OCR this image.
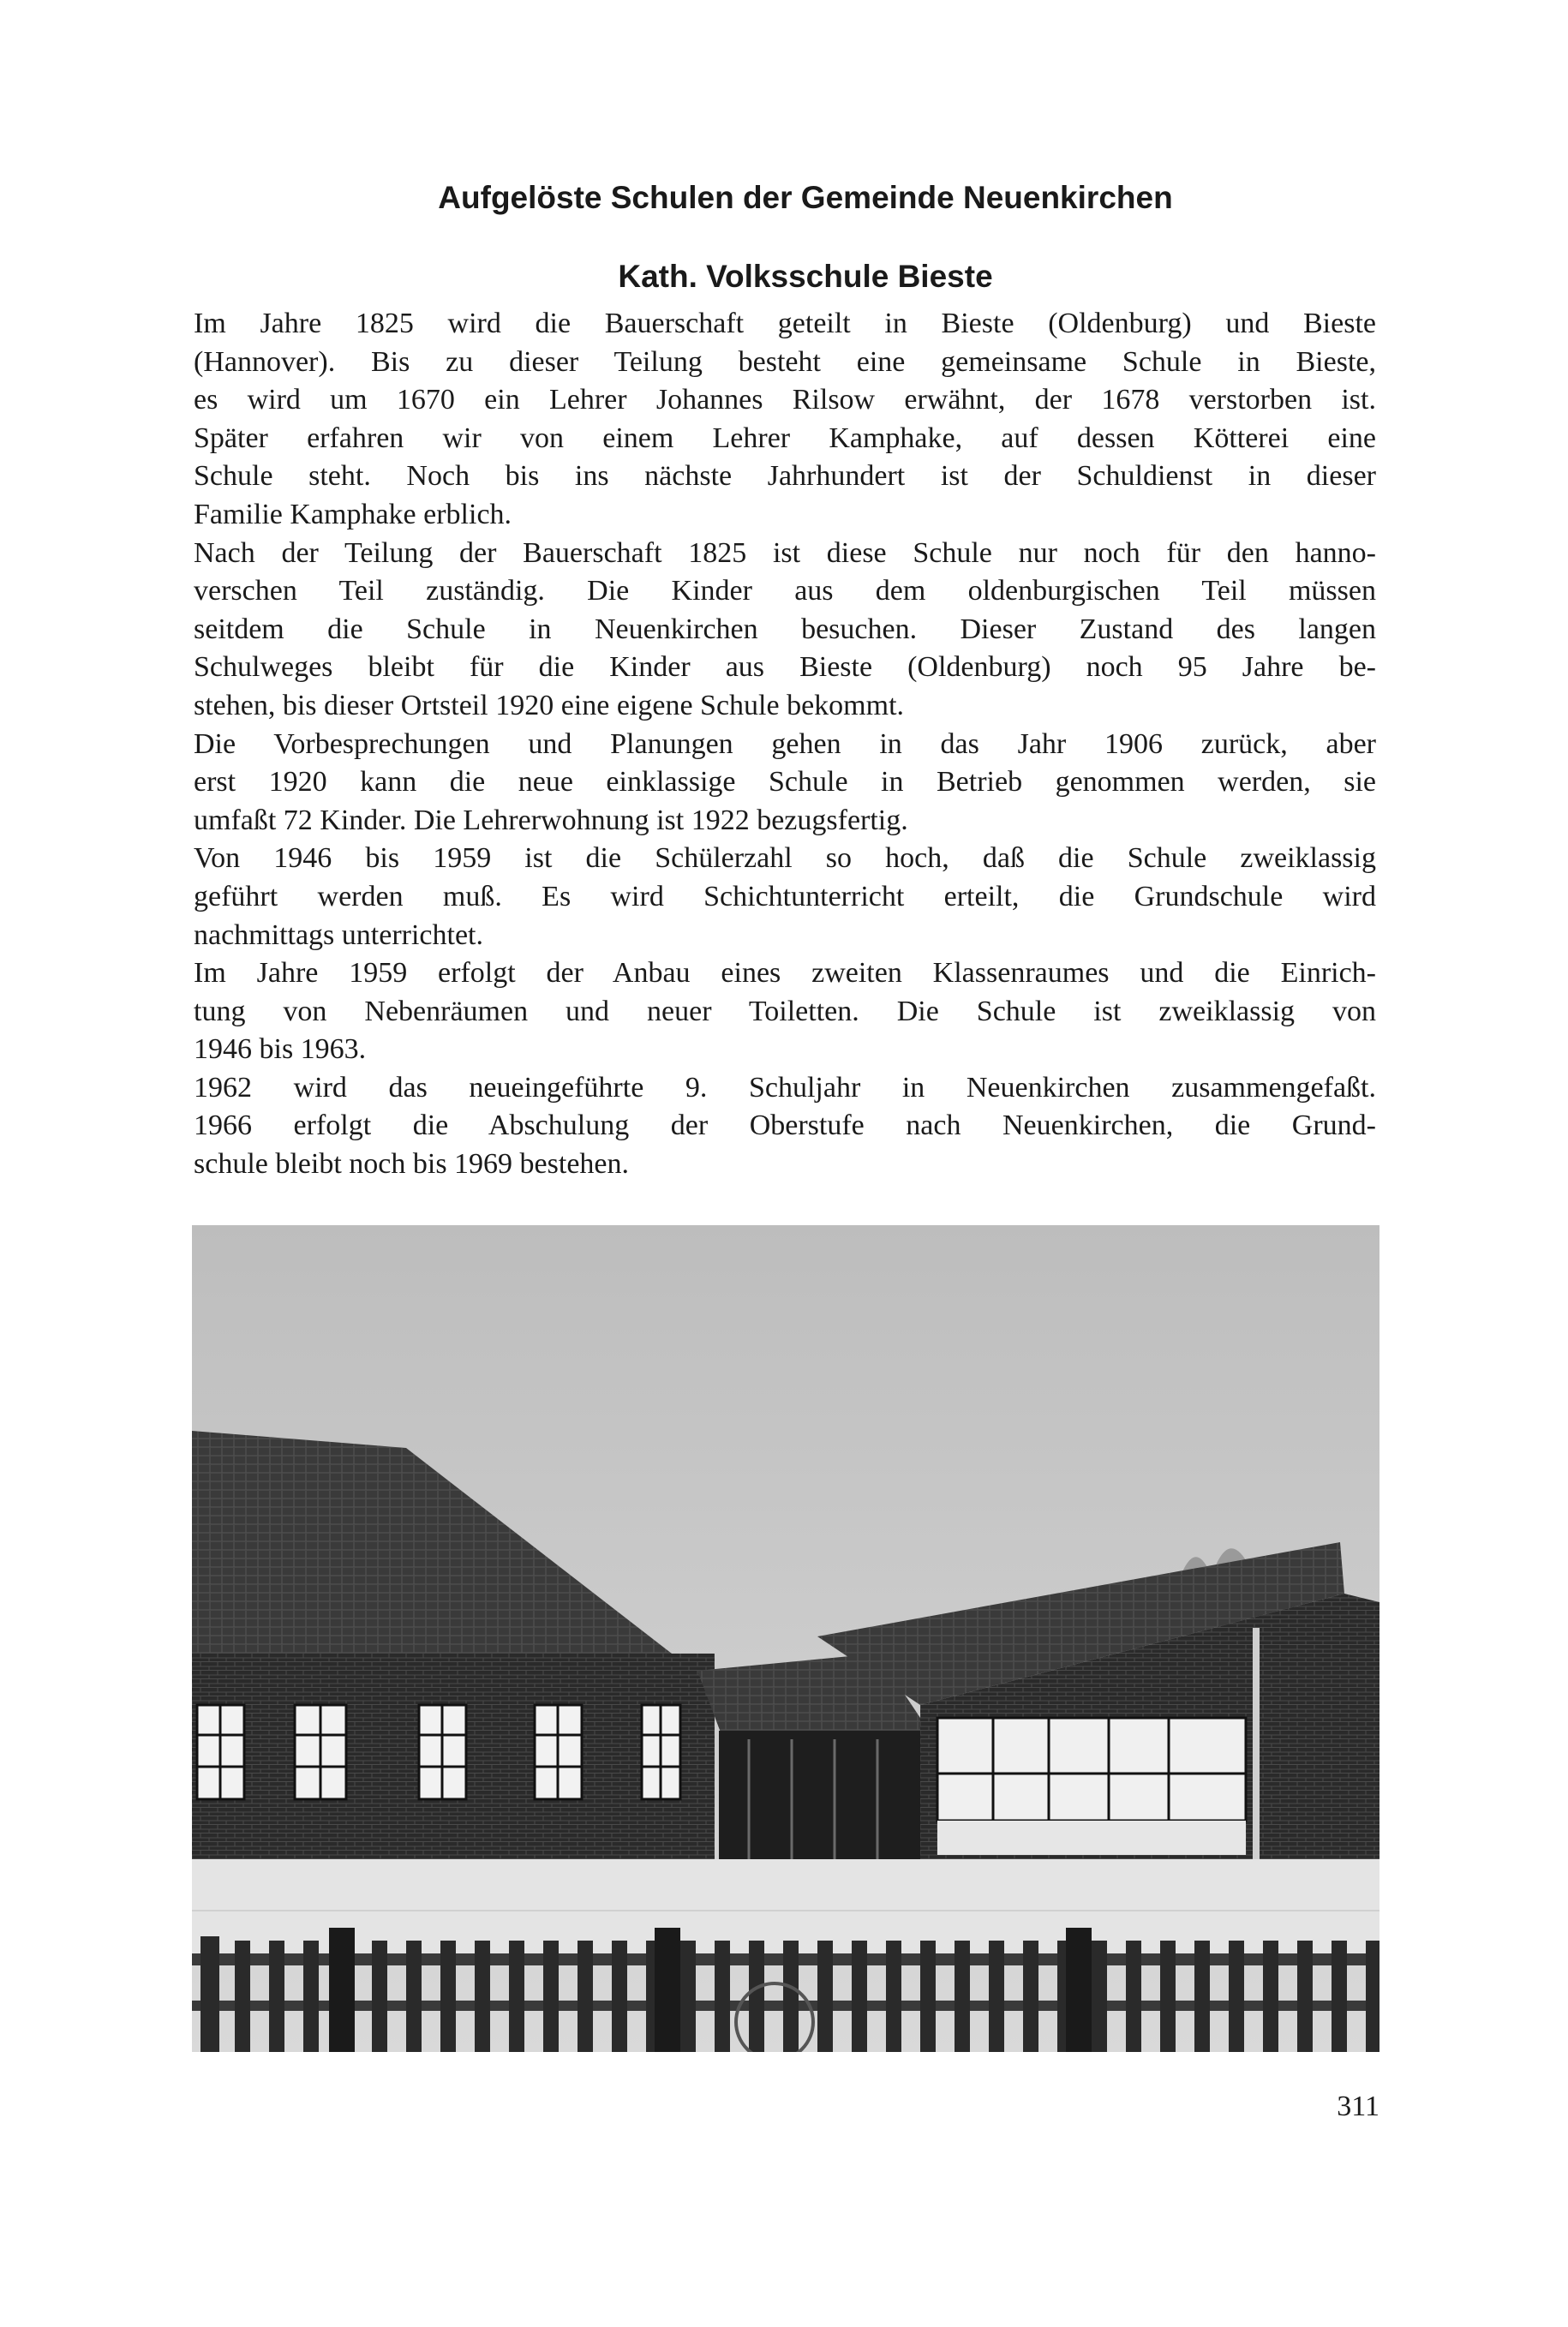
Aufgelöste Schulen der Gemeinde Neuenkirchen
Kath. Volksschule Bieste
Im Jahre 1825 wird die Bauerschaft geteilt in Bieste (Oldenburg) und Bieste
(Hannover). Bis zu dieser Teilung besteht eine gemeinsame Schule in Bieste,
es wird um 1670 ein Lehrer Johannes Rilsow erwähnt, der 1678 verstorben ist.
Später erfahren wir von einem Lehrer Kamphake, auf dessen Kötterei eine
Schule steht. Noch bis ins nächste Jahrhundert ist der Schuldienst in dieser
Familie Kamphake erblich.
Nach der Teilung der Bauerschaft 1825 ist diese Schule nur noch für den hanno-
verschen Teil zuständig. Die Kinder aus dem oldenburgischen Teil müssen
seitdem die Schule in Neuenkirchen besuchen. Dieser Zustand des langen
Schulweges bleibt für die Kinder aus Bieste (Oldenburg) noch 95 Jahre be-
stehen, bis dieser Ortsteil 1920 eine eigene Schule bekommt.
Die Vorbesprechungen und Planungen gehen in das Jahr 1906 zurück, aber
erst 1920 kann die neue einklassige Schule in Betrieb genommen werden, sie
umfaßt 72 Kinder. Die Lehrerwohnung ist 1922 bezugsfertig.
Von 1946 bis 1959 ist die Schülerzahl so hoch, daß die Schule zweiklassig
geführt werden muß. Es wird Schichtunterricht erteilt, die Grundschule wird
nachmittags unterrichtet.
Im Jahre 1959 erfolgt der Anbau eines zweiten Klassenraumes und die Einrich-
tung von Nebenräumen und neuer Toiletten. Die Schule ist zweiklassig von
1946 bis 1963.
1962 wird das neueingeführte 9. Schuljahr in Neuenkirchen zusammengefaßt.
1966 erfolgt die Abschulung der Oberstufe nach Neuenkirchen, die Grund-
schule bleibt noch bis 1969 bestehen.
311
